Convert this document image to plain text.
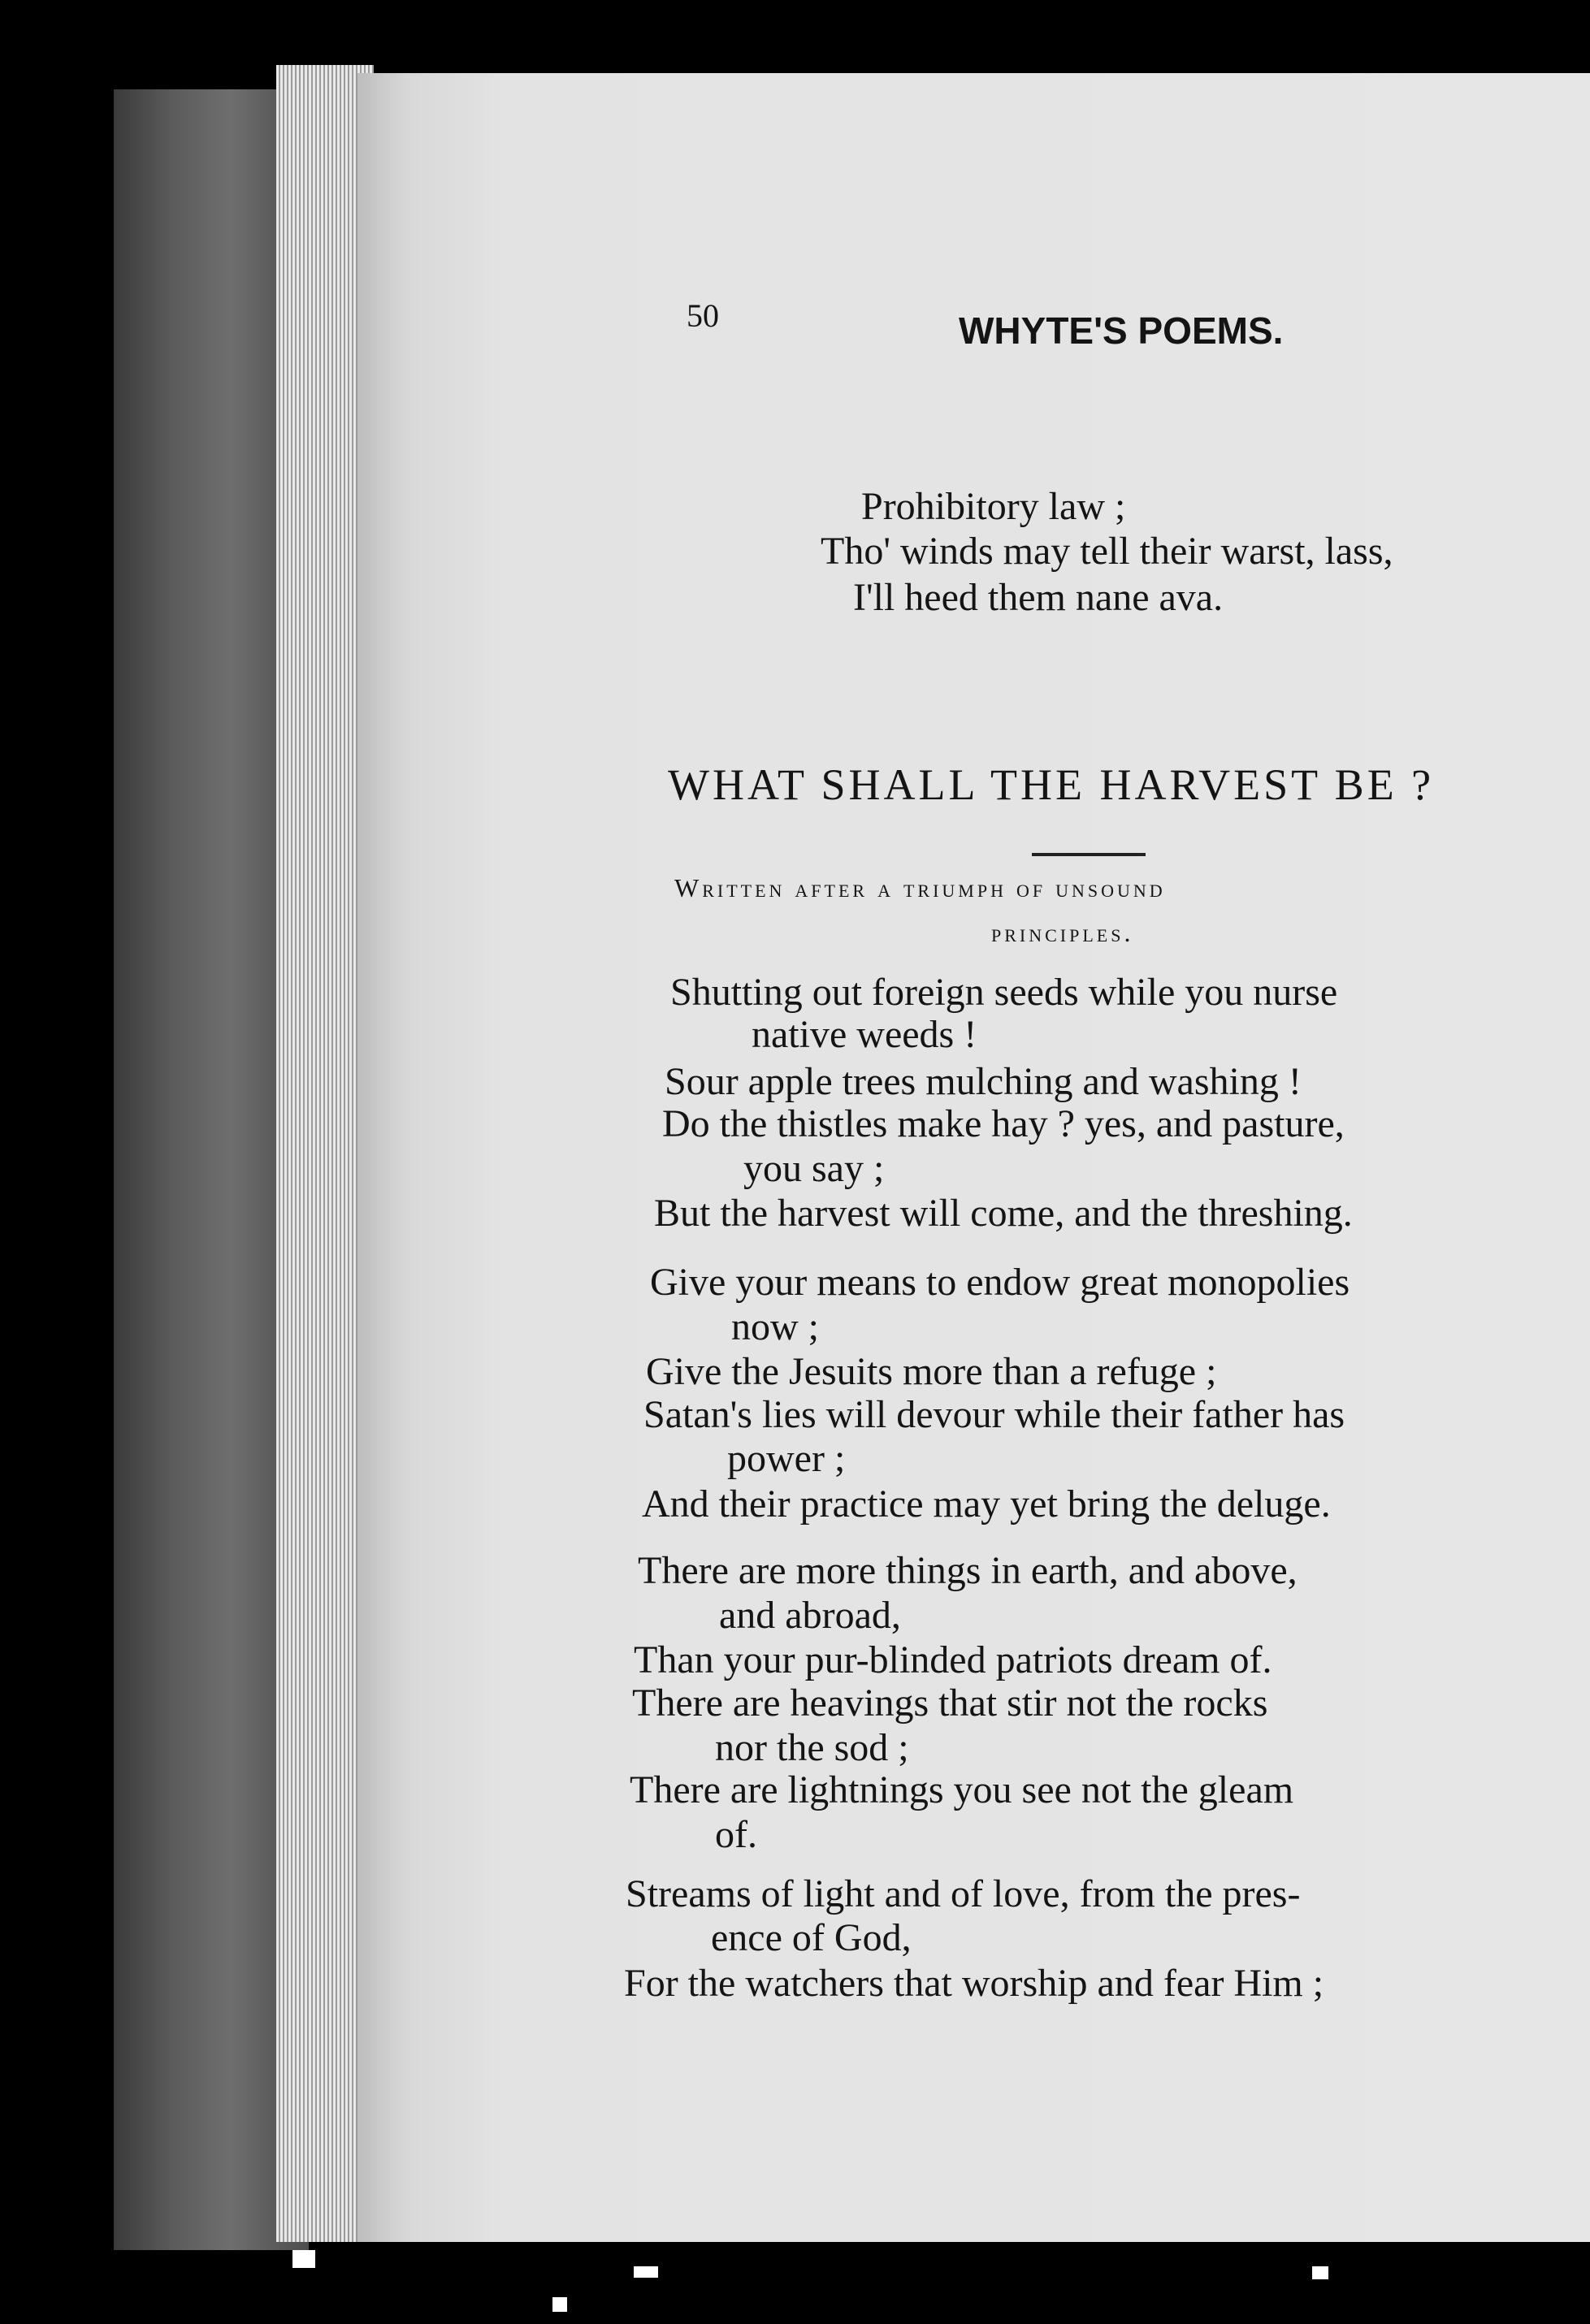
50	WHYTE'S POEMS.
Prohibitory law ;
Tho' winds may tell their warst, lass,
I'll heed them nane ava.
WHAT SHALL THE HARVEST BE ?
Written after a triumph of unsound
principles.
Shutting out foreign seeds while you nurse
native weeds !
Sour apple trees mulching and washing !
Do the thistles make hay ? yes, and pasture,
you say ;
But the harvest will come, and the threshing.
Give your means to endow great monopolies
now ;
Give the Jesuits more than a refuge ;
Satan's lies will devour while their father has
power ;
And their practice may yet bring the deluge.
There are more things in earth, and above,
and abroad,
Than your pur-blinded patriots dream of.
There are heavings that stir not the rocks
nor the sod ;
There are lightnings you see not the gleam
of.
Streams of light and of love, from the pres-
ence of God,
For the watchers that worship and fear Him ;
